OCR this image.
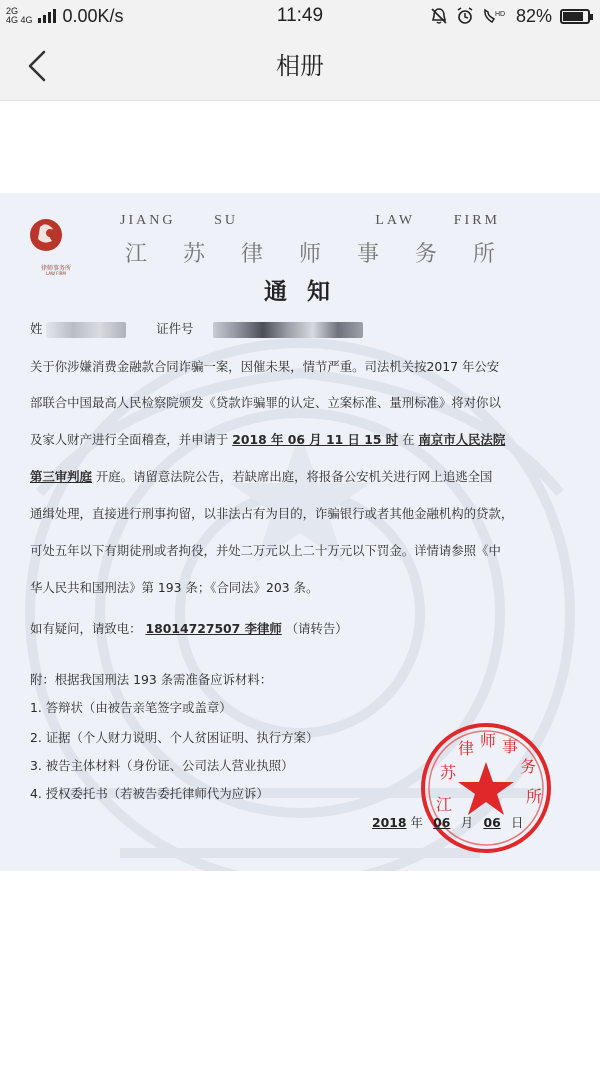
2G
4G 4G 0.00K/s	11:49	HD 82%
相册
律师事务所
LAW FIRM
JIANG	SU	LAW	FIRM
江 苏 律 师 事 务 所
通 知
姓	证件号
关于你涉嫌消费金融款合同诈骗一案，因催未果，情节严重。司法机关按2017 年公安
部联合中国最高人民检察院颁发《贷款诈骗罪的认定、立案标准、量刑标准》将对你以
及家人财产进行全面稽查，并申请于 2018 年 06 月 11 日 15 时 在 南京市人民法院
第三审判庭 开庭。请留意法院公告，若缺席出庭，将报备公安机关进行网上追逃全国
通缉处理，直接进行刑事拘留，以非法占有为目的，诈骗银行或者其他金融机构的贷款，
可处五年以下有期徒刑或者拘役，并处二万元以上二十万元以下罚金。详情请参照《中
华人民共和国刑法》第 193 条；《合同法》203 条。
如有疑问，请致电： 18014727507 李律师 （请转告）
附：根据我国刑法 193 条需准备应诉材料：
1. 答辩状（由被告亲笔签字或盖章）
2. 证据（个人财力说明、个人贫困证明、执行方案）
3. 被告主体材料（身份证、公司法人营业执照）
4. 授权委托书（若被告委托律师代为应诉）
江苏律 师 事务所
2018 年 06 月 06 日
